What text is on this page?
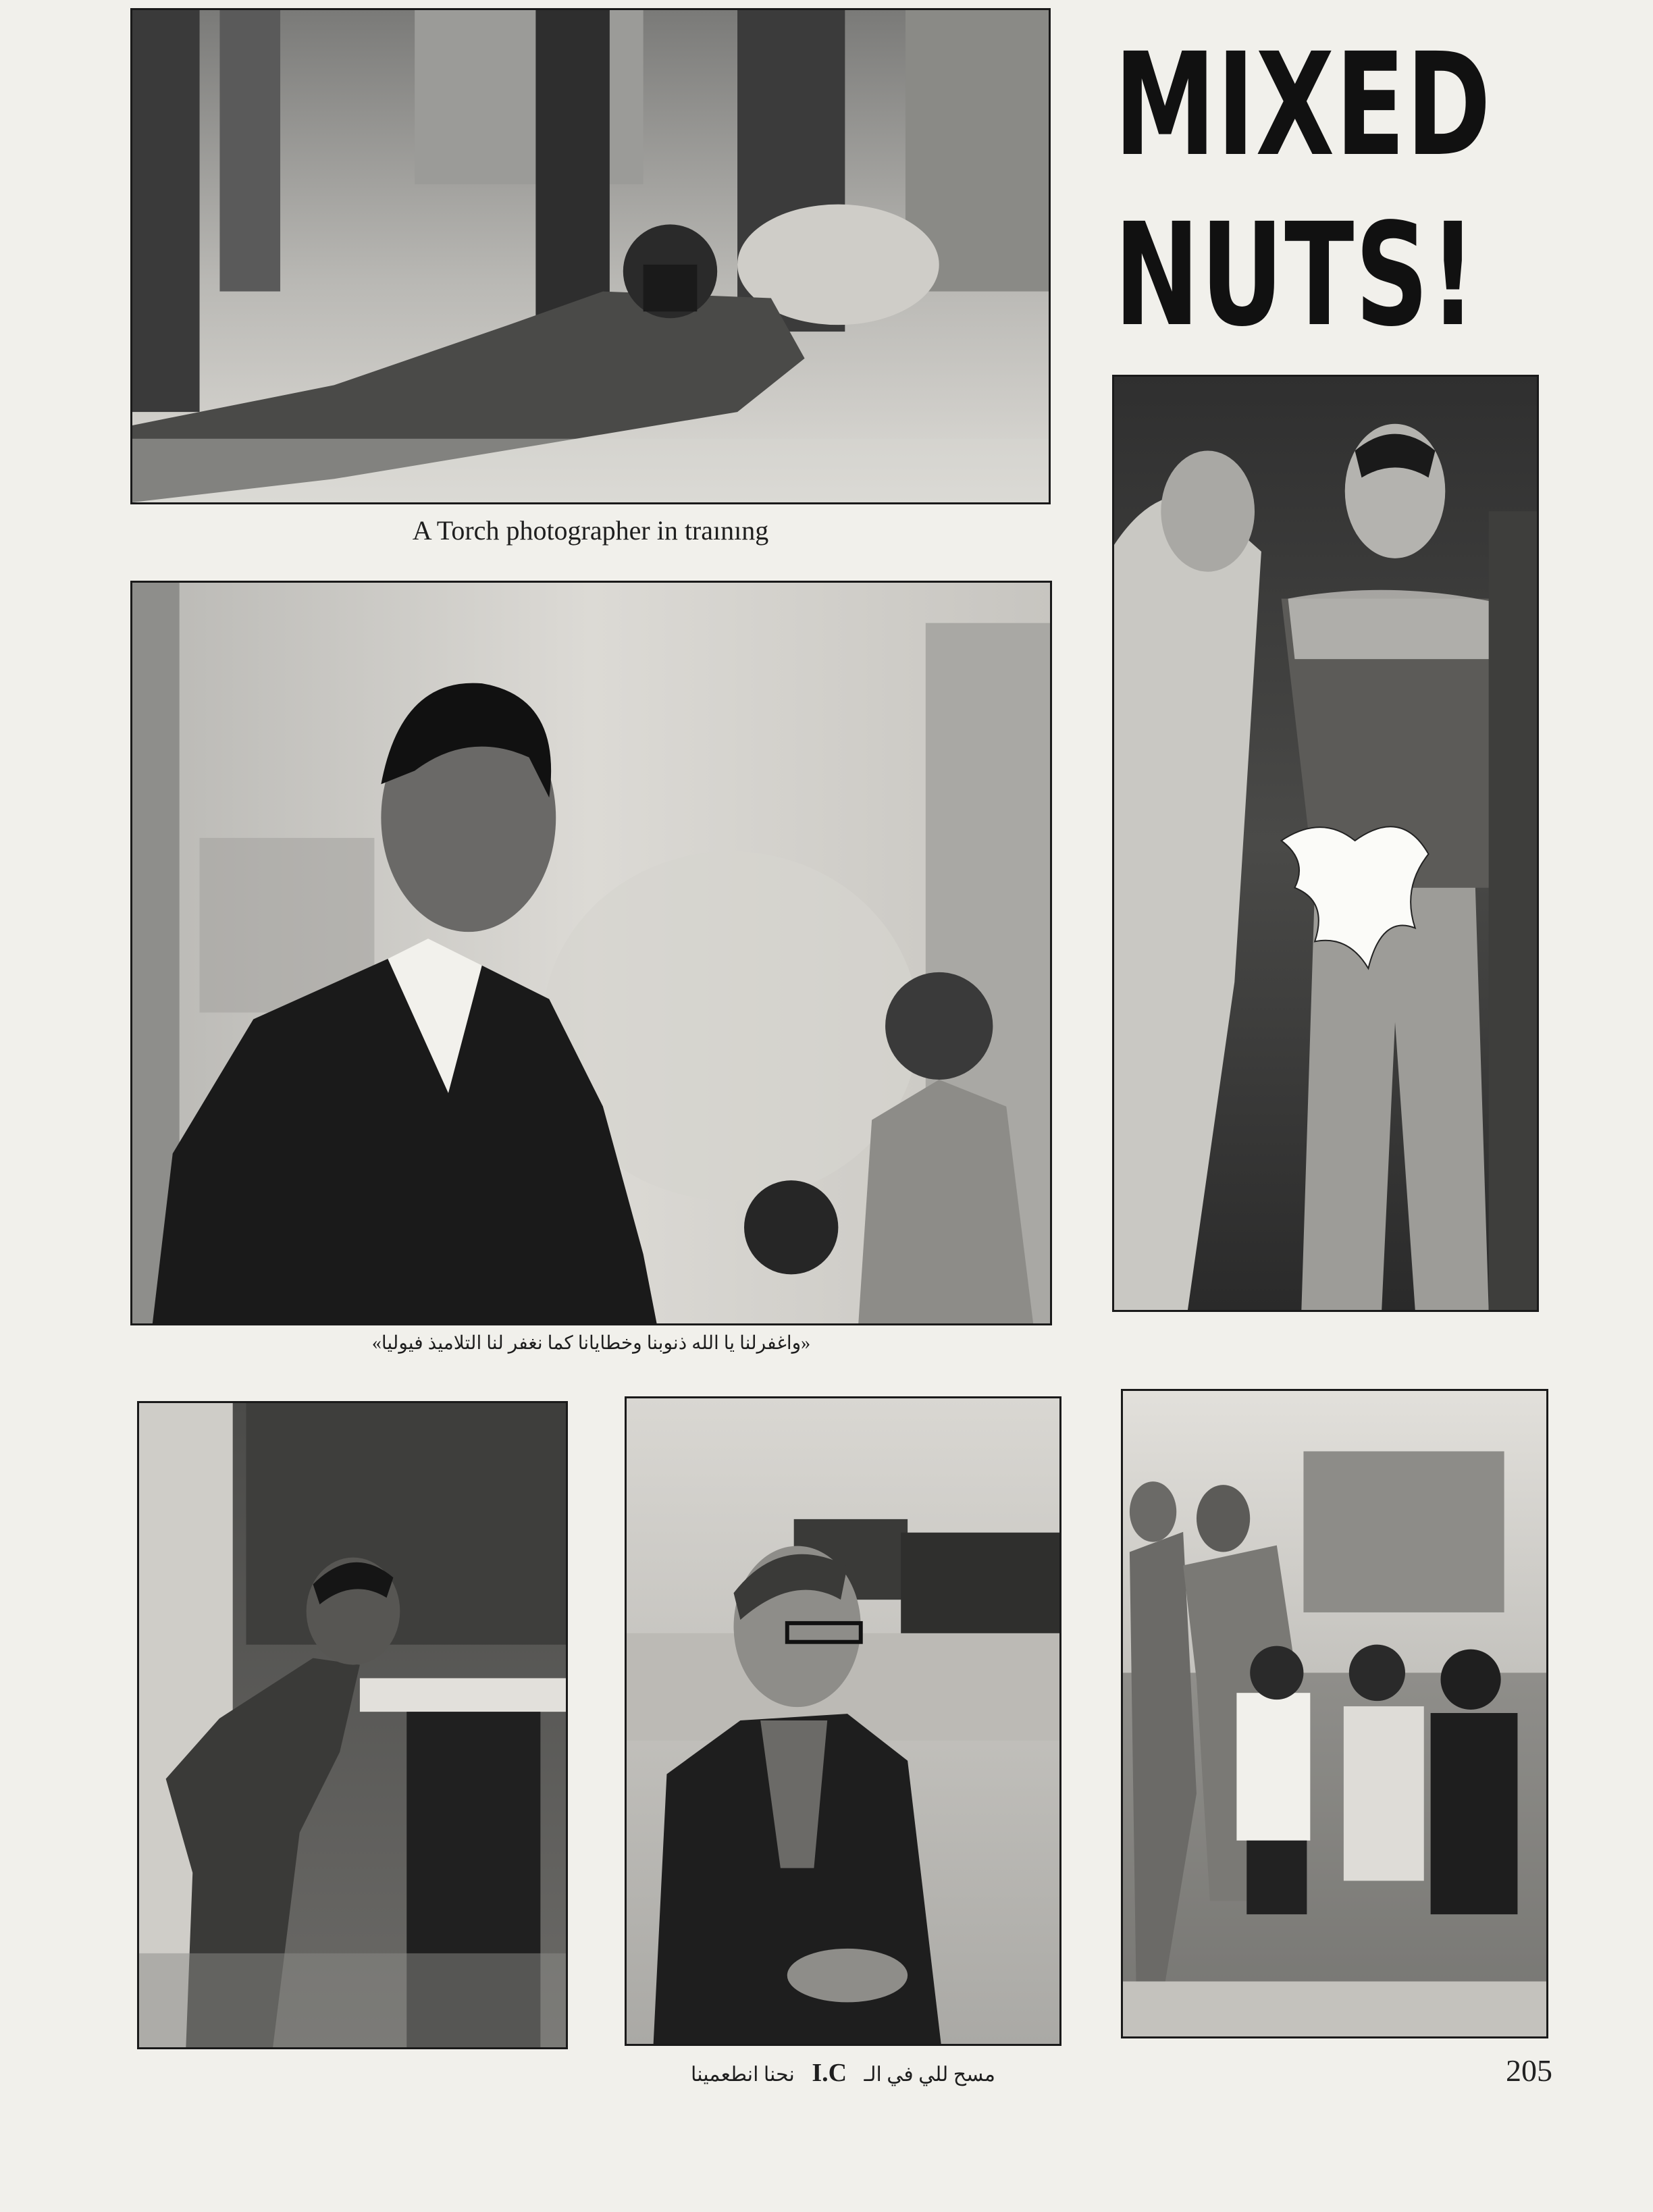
MIXED
NUTS!
A Torch photographer in traınıng
«واغفرلنا يا الله ذنوبنا وخطايانا كما نغفر لنا التلاميذ فيوليا»
نحنا انطعمينا I.C مسح للي في الـ	205
